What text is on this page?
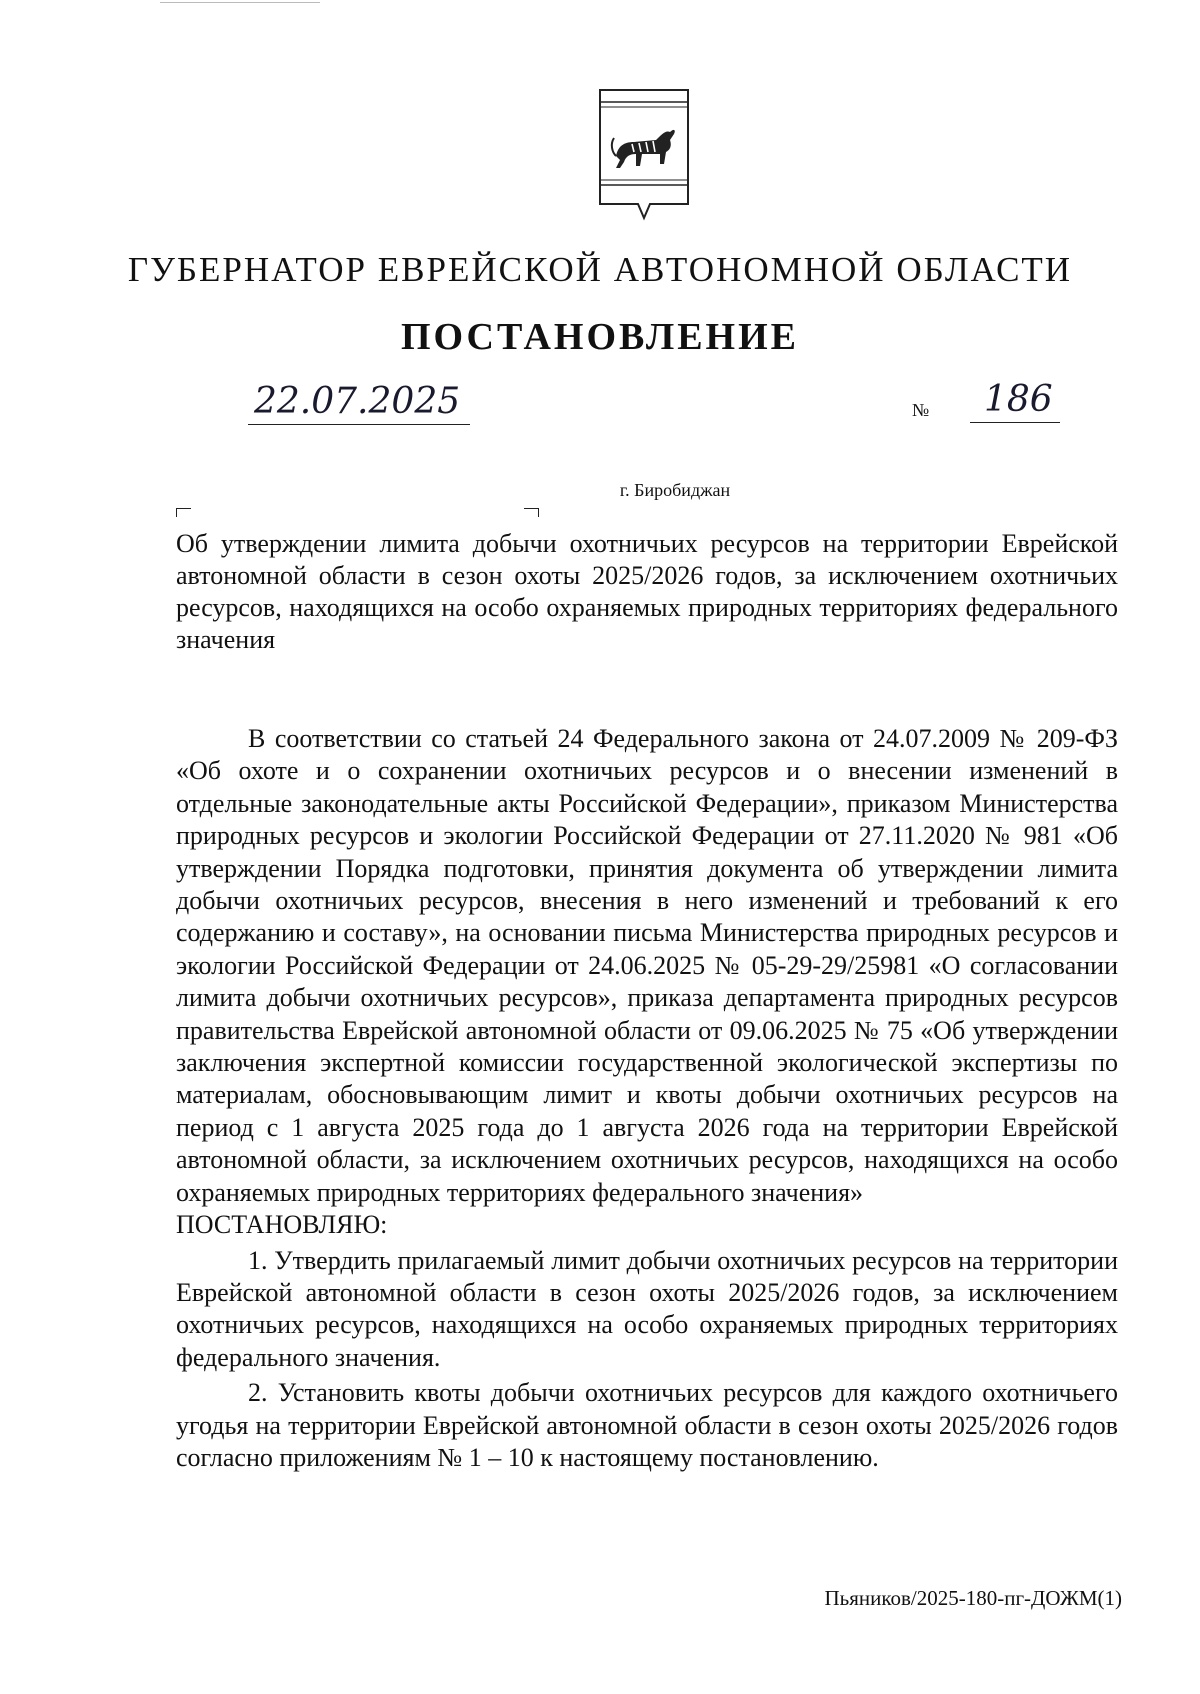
ГУБЕРНАТОР ЕВРЕЙСКОЙ АВТОНОМНОЙ ОБЛАСТИ
ПОСТАНОВЛЕНИЕ
22.07.2025	№ 186
г. Биробиджан
Об утверждении лимита добычи охотничьих ресурсов на территории Еврейской автономной области в сезон охоты 2025/2026 годов, за исключением охотничьих ресурсов, находящихся на особо охраняемых природных территориях федерального значения

В соответствии со статьей 24 Федерального закона от 24.07.2009 № 209-ФЗ «Об охоте и о сохранении охотничьих ресурсов и о внесении изменений в отдельные законодательные акты Российской Федерации», приказом Министерства природных ресурсов и экологии Российской Федерации от 27.11.2020 № 981 «Об утверждении Порядка подготовки, принятия документа об утверждении лимита добычи охотничьих ресурсов, внесения в него изменений и требований к его содержанию и составу», на основании письма Министерства природных ресурсов и экологии Российской Федерации от 24.06.2025 № 05-29-29/25981 «О согласовании лимита добычи охотничьих ресурсов», приказа департамента природных ресурсов правительства Еврейской автономной области от 09.06.2025 № 75 «Об утверждении заключения экспертной комиссии государственной экологической экспертизы по материалам, обосновывающим лимит и квоты добычи охотничьих ресурсов на период с 1 августа 2025 года до 1 августа 2026 года на территории Еврейской автономной области, за исключением охотничьих ресурсов, находящихся на особо охраняемых природных территориях федерального значения»

ПОСТАНОВЛЯЮ:

1. Утвердить прилагаемый лимит добычи охотничьих ресурсов на территории Еврейской автономной области в сезон охоты 2025/2026 годов, за исключением охотничьих ресурсов, находящихся на особо охраняемых природных территориях федерального значения.

2. Установить квоты добычи охотничьих ресурсов для каждого охотничьего угодья на территории Еврейской автономной области в сезон охоты 2025/2026 годов согласно приложениям № 1 – 10 к настоящему постановлению.

Пьяников/2025-180-пг-ДОЖМ(1)
